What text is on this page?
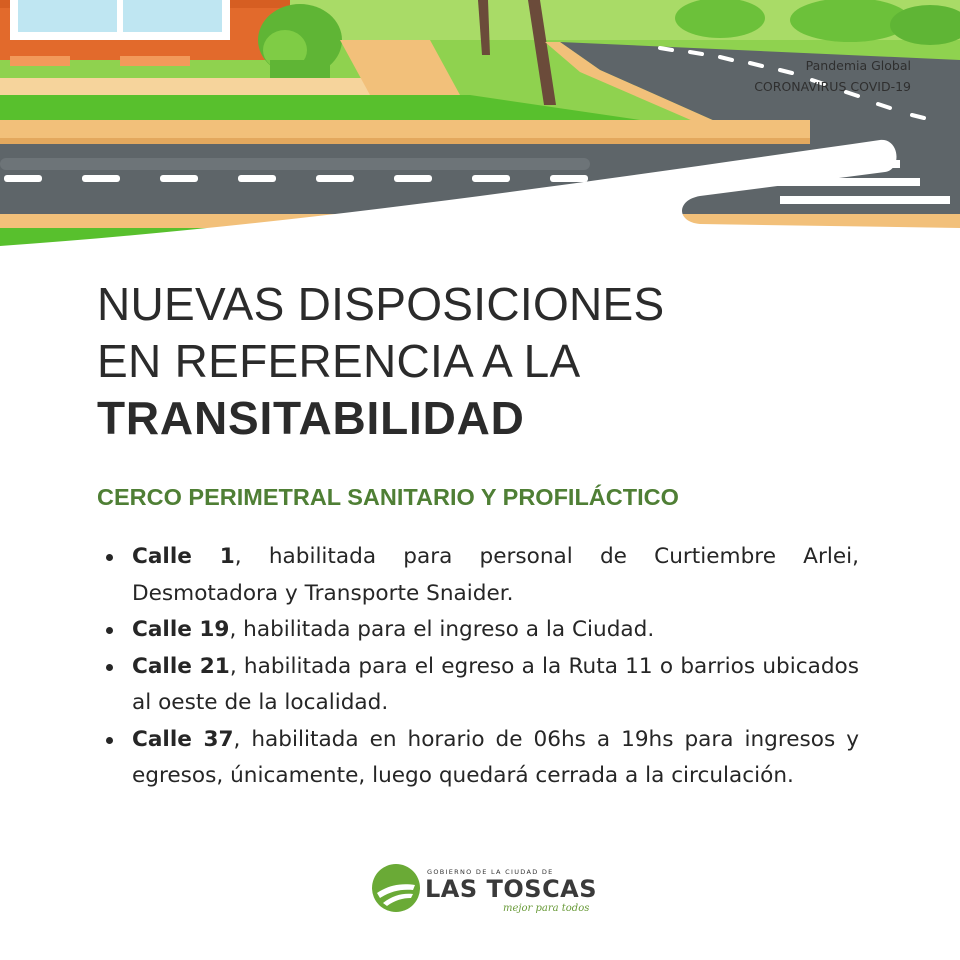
Pandemia Global
CORONAVIRUS COVID-19
NUEVAS DISPOSICIONES
EN REFERENCIA A LA
TRANSITABILIDAD
CERCO PERIMETRAL SANITARIO Y PROFILÁCTICO
Calle 1, habilitada para personal de Curtiembre Arlei, Desmotadora y Transporte Snaider.
Calle 19, habilitada para el ingreso a la Ciudad.
Calle 21, habilitada para el egreso a la Ruta 11 o barrios ubicados al oeste de la localidad.
Calle 37, habilitada en horario de 06hs a 19hs para ingresos y egresos, únicamente, luego quedará cerrada a la circulación.
GOBIERNO DE LA CIUDAD DE
LAS TOSCAS
mejor para todos
